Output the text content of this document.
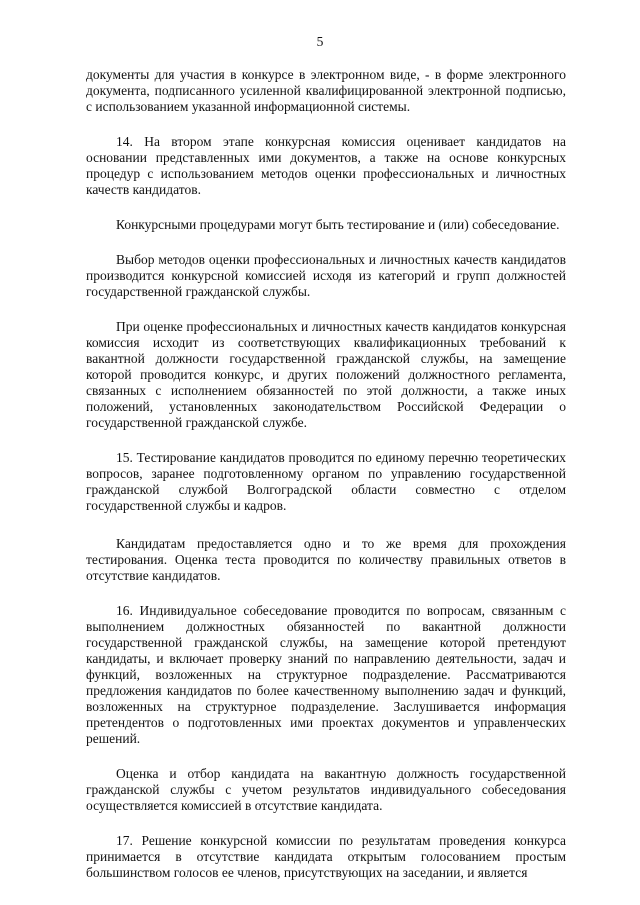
5

документы для участия в конкурсе в электронном виде, - в форме электронного документа, подписанного усиленной квалифицированной электронной подписью, с использованием указанной информационной системы.

14. На втором этапе конкурсная комиссия оценивает кандидатов на основании представленных ими документов, а также на основе конкурсных процедур с использованием методов оценки профессиональных и личностных качеств кандидатов.

Конкурсными процедурами могут быть тестирование и (или) собеседование.

Выбор методов оценки профессиональных и личностных качеств кандидатов производится конкурсной комиссией исходя из категорий и групп должностей государственной гражданской службы.

При оценке профессиональных и личностных качеств кандидатов конкурсная комиссия исходит из соответствующих квалификационных требований к вакантной должности государственной гражданской службы, на замещение которой проводится конкурс, и других положений должностного регламента, связанных с исполнением обязанностей по этой должности, а также иных положений, установленных законодательством Российской Федерации о государственной гражданской службе.

15. Тестирование кандидатов проводится по единому перечню теоретических вопросов, заранее подготовленному органом по управлению государственной гражданской службой Волгоградской области совместно с отделом государственной службы и кадров.

Кандидатам предоставляется одно и то же время для прохождения тестирования. Оценка теста проводится по количеству правильных ответов в отсутствие кандидатов.

16. Индивидуальное собеседование проводится по вопросам, связанным с выполнением должностных обязанностей по вакантной должности государственной гражданской службы, на замещение которой претендуют кандидаты, и включает проверку знаний по направлению деятельности, задач и функций, возложенных на структурное подразделение. Рассматриваются предложения кандидатов по более качественному выполнению задач и функций, возложенных на структурное подразделение. Заслушивается информация претендентов о подготовленных ими проектах документов и управленческих решений.

Оценка и отбор кандидата на вакантную должность государственной гражданской службы с учетом результатов индивидуального собеседования осуществляется комиссией в отсутствие кандидата.

17. Решение конкурсной комиссии по результатам проведения конкурса принимается в отсутствие кандидата открытым голосованием простым большинством голосов ее членов, присутствующих на заседании, и является
